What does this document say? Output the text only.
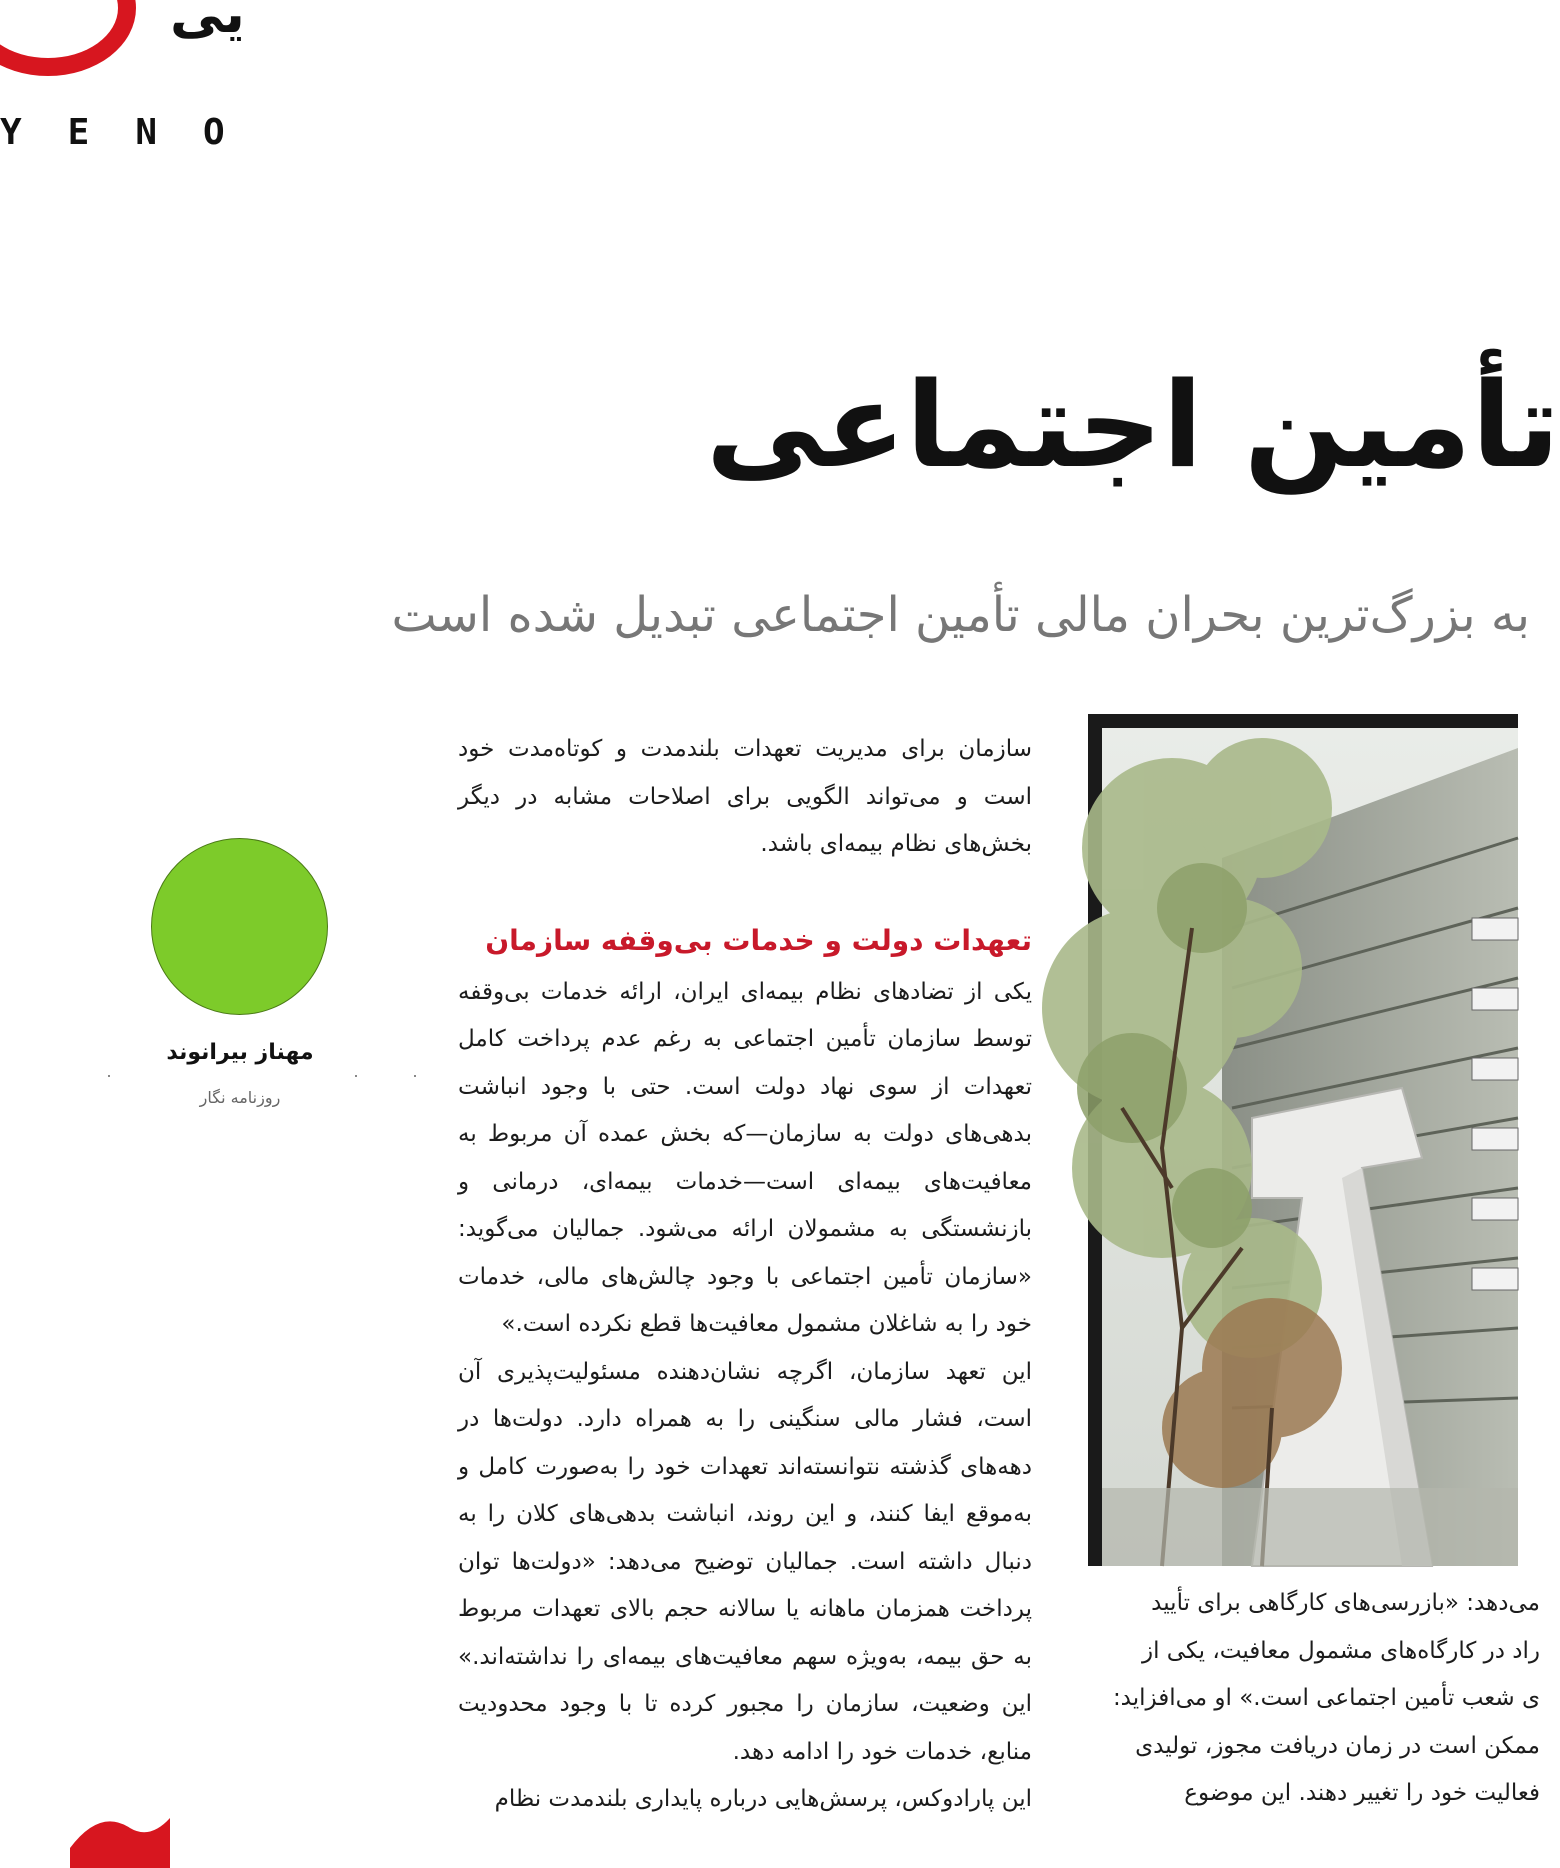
یی
YENO
تأمین اجتماعی
به بزرگ‌ترین بحران مالی تأمین اجتماعی تبدیل شده است
مهناز بیرانوند
روزنامه نگار

سازمان برای مدیریت تعهدات بلندمدت و کوتاه‌مدت خود است و می‌تواند الگویی برای اصلاحات مشابه در دیگر بخش‌های نظام بیمه‌ای باشد.

تعهدات دولت و خدمات بی‌وقفه سازمان

یکی از تضادهای نظام بیمه‌ای ایران، ارائه خدمات بی‌وقفه توسط سازمان تأمین اجتماعی به رغم عدم پرداخت کامل تعهدات از سوی نهاد دولت است. حتی با وجود انباشت بدهی‌های دولت به سازمان—که بخش عمده آن مربوط به معافیت‌های بیمه‌ای است—خدمات بیمه‌ای، درمانی و بازنشستگی به مشمولان ارائه می‌شود. جمالیان می‌گوید: «سازمان تأمین اجتماعی با وجود چالش‌های مالی، خدمات خود را به شاغلان مشمول معافیت‌ها قطع نکرده است.»

این تعهد سازمان، اگرچه نشان‌دهنده مسئولیت‌پذیری آن است، فشار مالی سنگینی را به همراه دارد. دولت‌ها در دهه‌های گذشته نتوانسته‌اند تعهدات خود را به‌صورت کامل و به‌موقع ایفا کنند، و این روند، انباشت بدهی‌های کلان را به دنبال داشته است. جمالیان توضیح می‌دهد: «دولت‌ها توان پرداخت همزمان ماهانه یا سالانه حجم بالای تعهدات مربوط به حق بیمه، به‌ویژه سهم معافیت‌های بیمه‌ای را نداشته‌اند.» این وضعیت، سازمان را مجبور کرده تا با وجود محدودیت منابع، خدمات خود را ادامه دهد.

این پارادوکس، پرسش‌هایی درباره پایداری بلندمدت نظام

می‌دهد: «بازرسی‌های کارگاهی برای تأیید

راد در کارگاه‌های مشمول معافیت، یکی از

ی شعب تأمین اجتماعی است.» او می‌افزاید:

ممکن است در زمان دریافت مجوز، تولیدی

فعالیت خود را تغییر دهند. این موضوع
